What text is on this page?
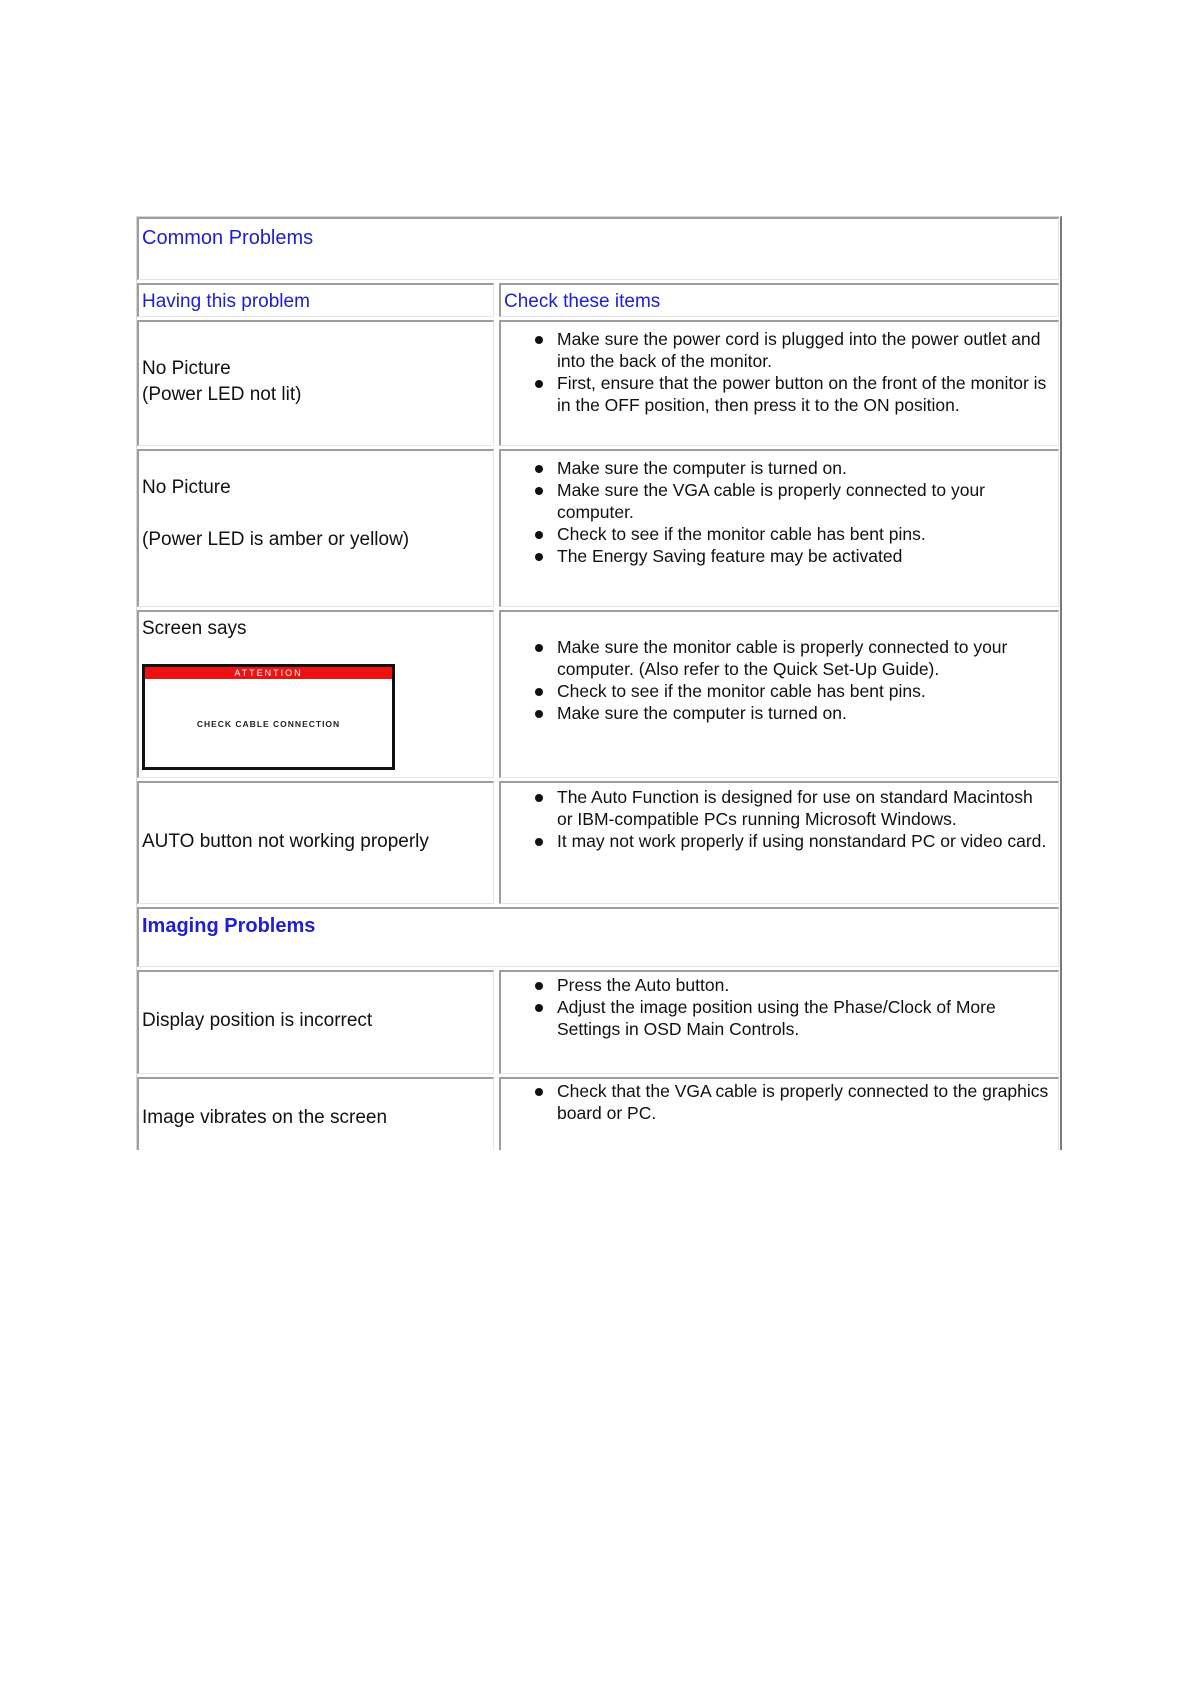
Common Problems
Having this problem	Check these items
No Picture
(Power LED not lit)
Make sure the power cord is plugged into the power outlet and into the back of the monitor.
First, ensure that the power button on the front of the monitor is in the OFF position, then press it to the ON position.
No Picture
(Power LED is amber or yellow)
Make sure the computer is turned on.
Make sure the VGA cable is properly connected to your computer.
Check to see if the monitor cable has bent pins.
The Energy Saving feature may be activated
Screen says
ATTENTION
CHECK CABLE CONNECTION
Make sure the monitor cable is properly connected to your computer. (Also refer to the Quick Set-Up Guide).
Check to see if the monitor cable has bent pins.
Make sure the computer is turned on.
AUTO button not working properly
The Auto Function is designed for use on standard Macintosh or IBM-compatible PCs running Microsoft Windows.
It may not work properly if using nonstandard PC or video card.
Imaging Problems
Display position is incorrect
Press the Auto button.
Adjust the image position using the Phase/Clock of More Settings in OSD Main Controls.
Image vibrates on the screen
Check that the VGA cable is properly connected to the graphics board or PC.
